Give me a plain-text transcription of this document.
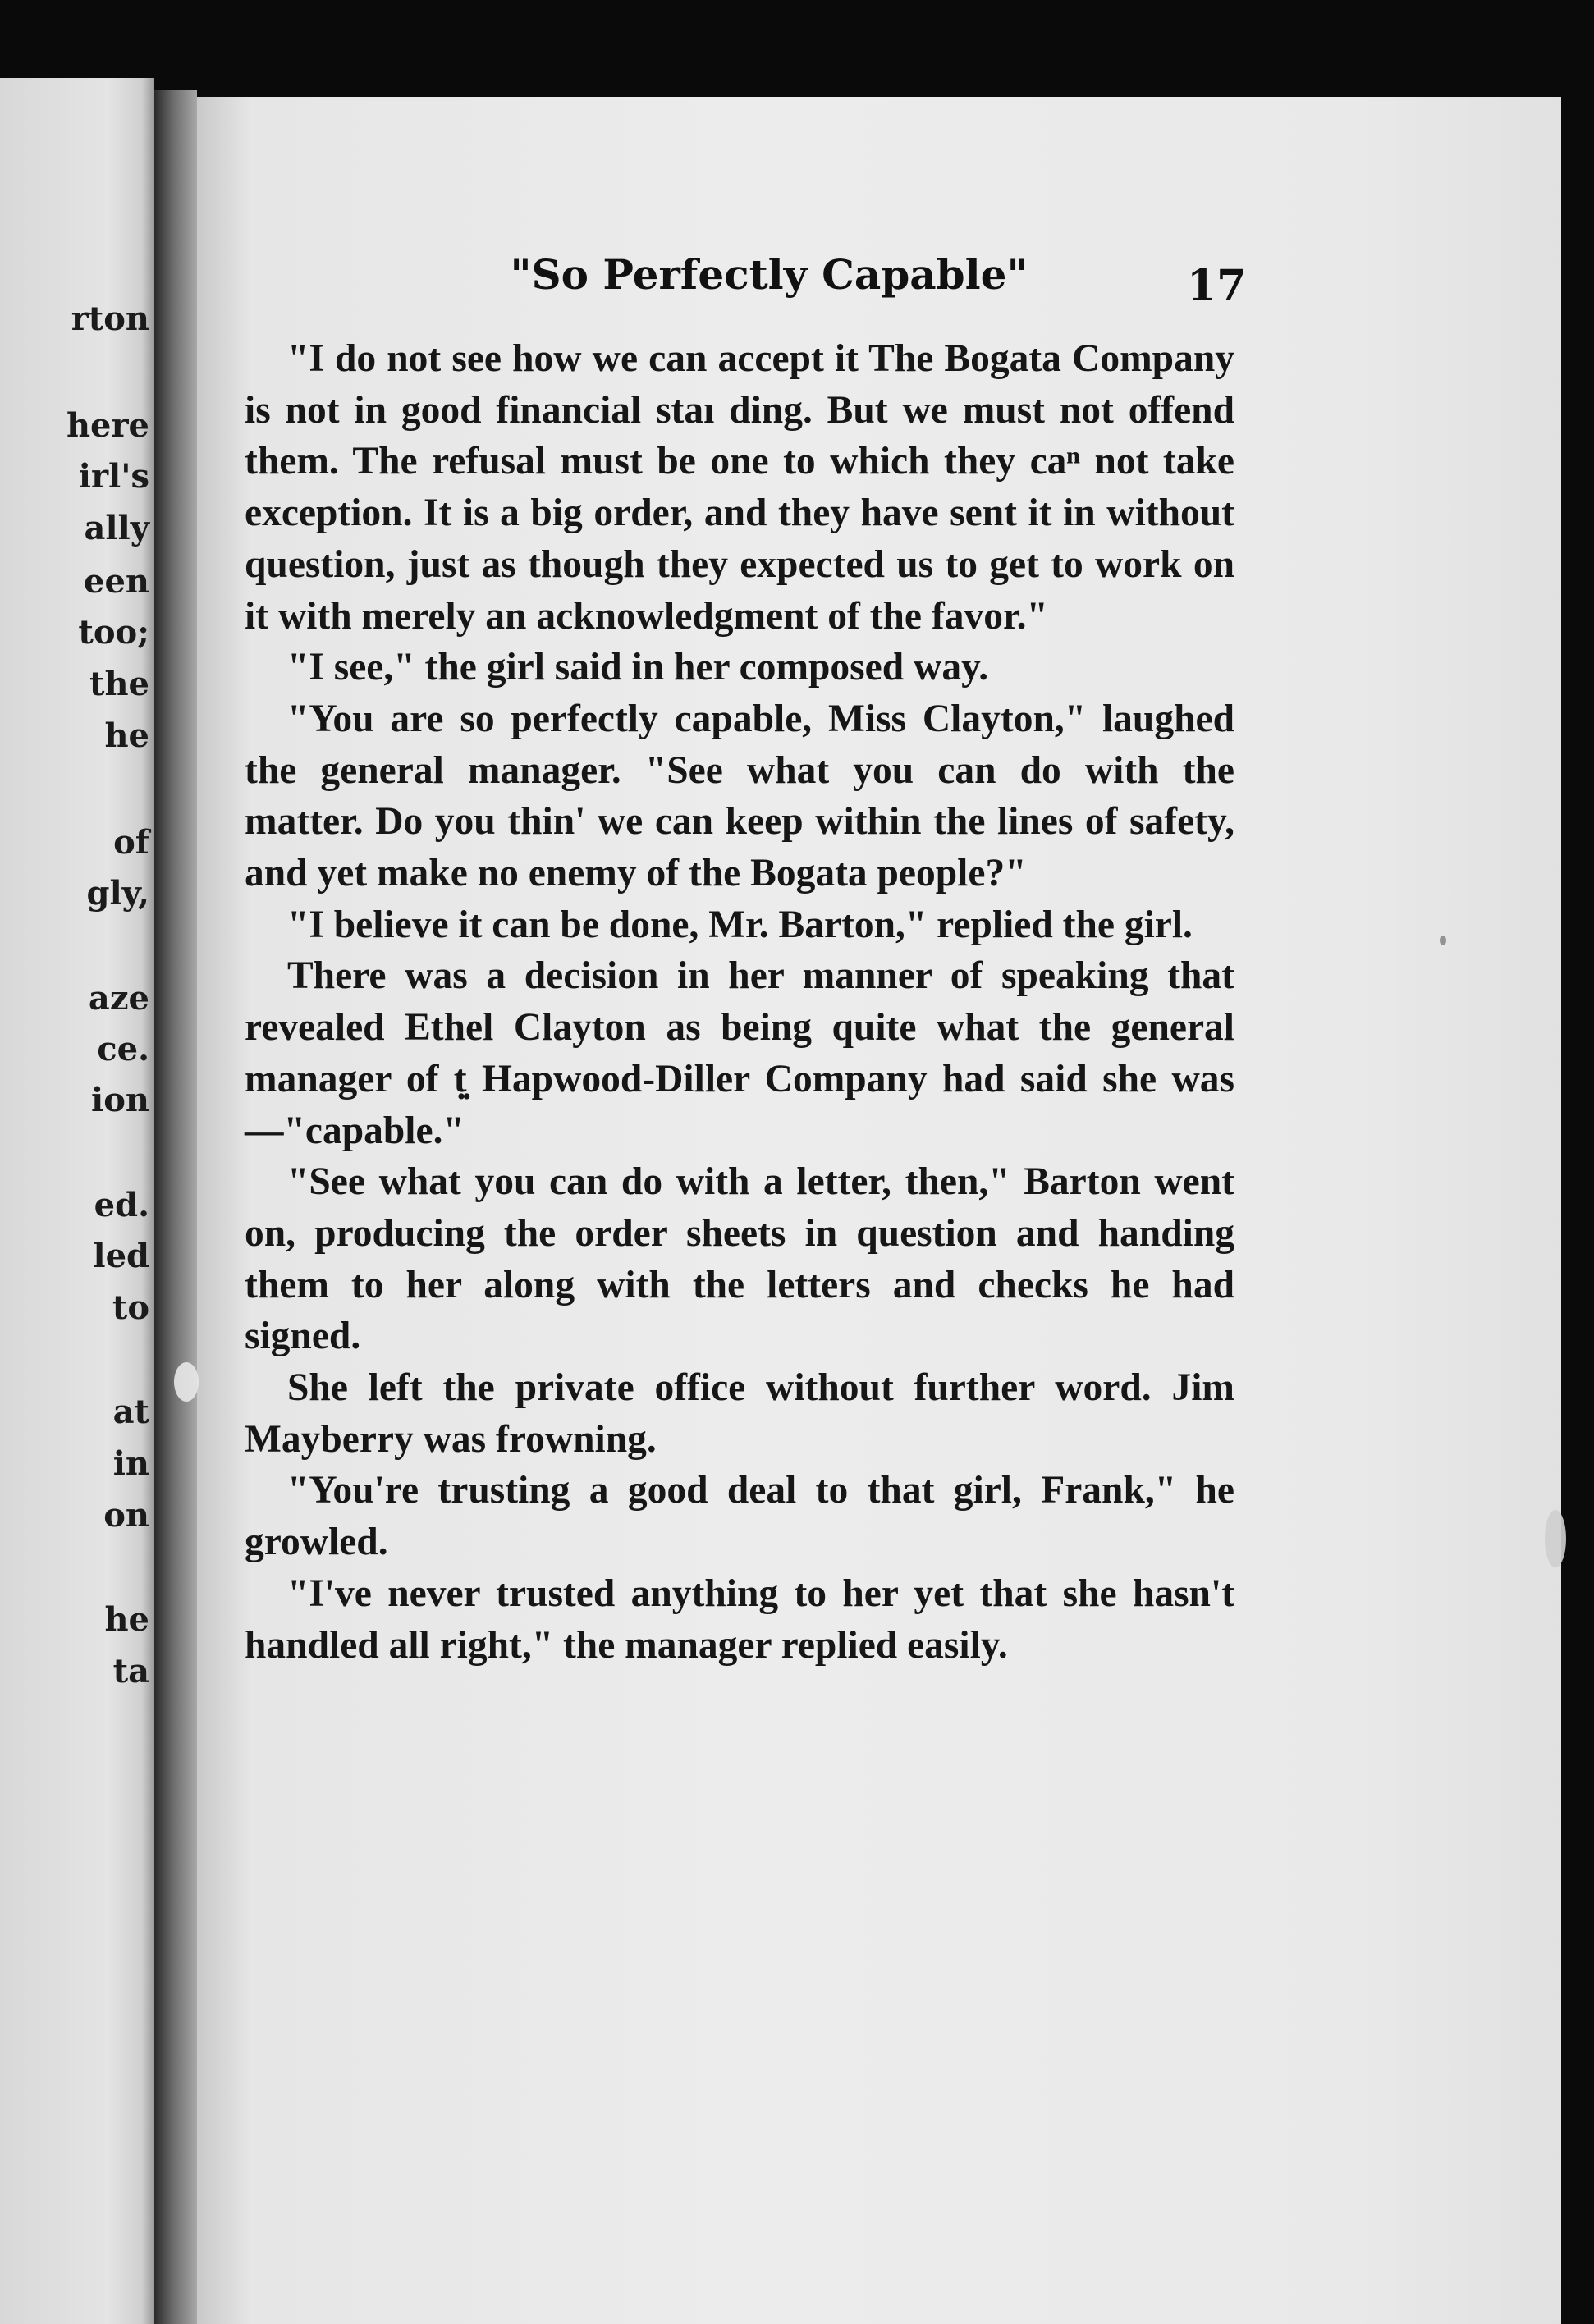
rton
here
irl's
ally
een
too;
the
he
of
gly,
aze
ce.
ion
ed.
led
to
at
in
on
he
ta
"So Perfectly Capable"	17

"I do not see how we can accept it The Bogata Company is not in good financial staı ding. But we must not offend them. The refusal must be one to which they caⁿ not take exception. It is a big order, and they have sent it in without question, just as though they expected us to get to work on it with merely an acknowledgment of the favor."

"I see," the girl said in her composed way.

"You are so perfectly capable, Miss Clayton," laughed the general manager. "See what you can do with the matter. Do you thin' we can keep within the lines of safety, and yet make no enemy of the Bogata people?"

"I believe it can be done, Mr. Barton," replied the girl.

There was a decision in her manner of speaking that revealed Ethel Clayton as being quite what the general manager of ṭ̣̣ Hapwood-Diller Company had said she was—"capable."

"See what you can do with a letter, then," Barton went on, producing the order sheets in question and handing them to her along with the letters and checks he had signed.

She left the private office without further word. Jim Mayberry was frowning.

"You're trusting a good deal to that girl, Frank," he growled.

"I've never trusted anything to her yet that she hasn't handled all right," the manager replied easily.
